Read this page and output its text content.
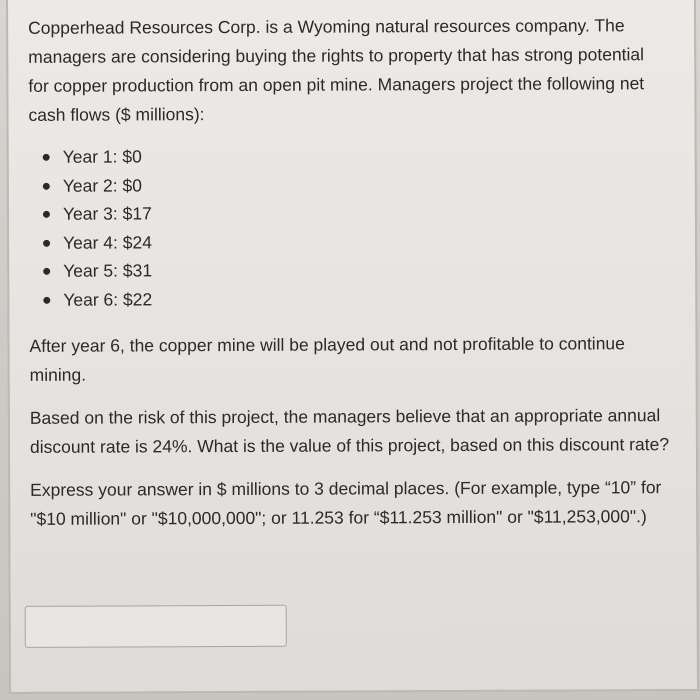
Copperhead Resources Corp. is a Wyoming natural resources company. The managers are considering buying the rights to property that has strong potential for copper production from an open pit mine. Managers project the following net cash flows ($ millions):

Year 1: $0
Year 2: $0
Year 3: $17
Year 4: $24
Year 5: $31
Year 6: $22

After year 6, the copper mine will be played out and not profitable to continue mining.

Based on the risk of this project, the managers believe that an appropriate annual discount rate is 24%. What is the value of this project, based on this discount rate?

Express your answer in $ millions to 3 decimal places. (For example, type “10” for "$10 million" or "$10,000,000"; or 11.253 for “$11.253 million" or "$11,253,000".)
